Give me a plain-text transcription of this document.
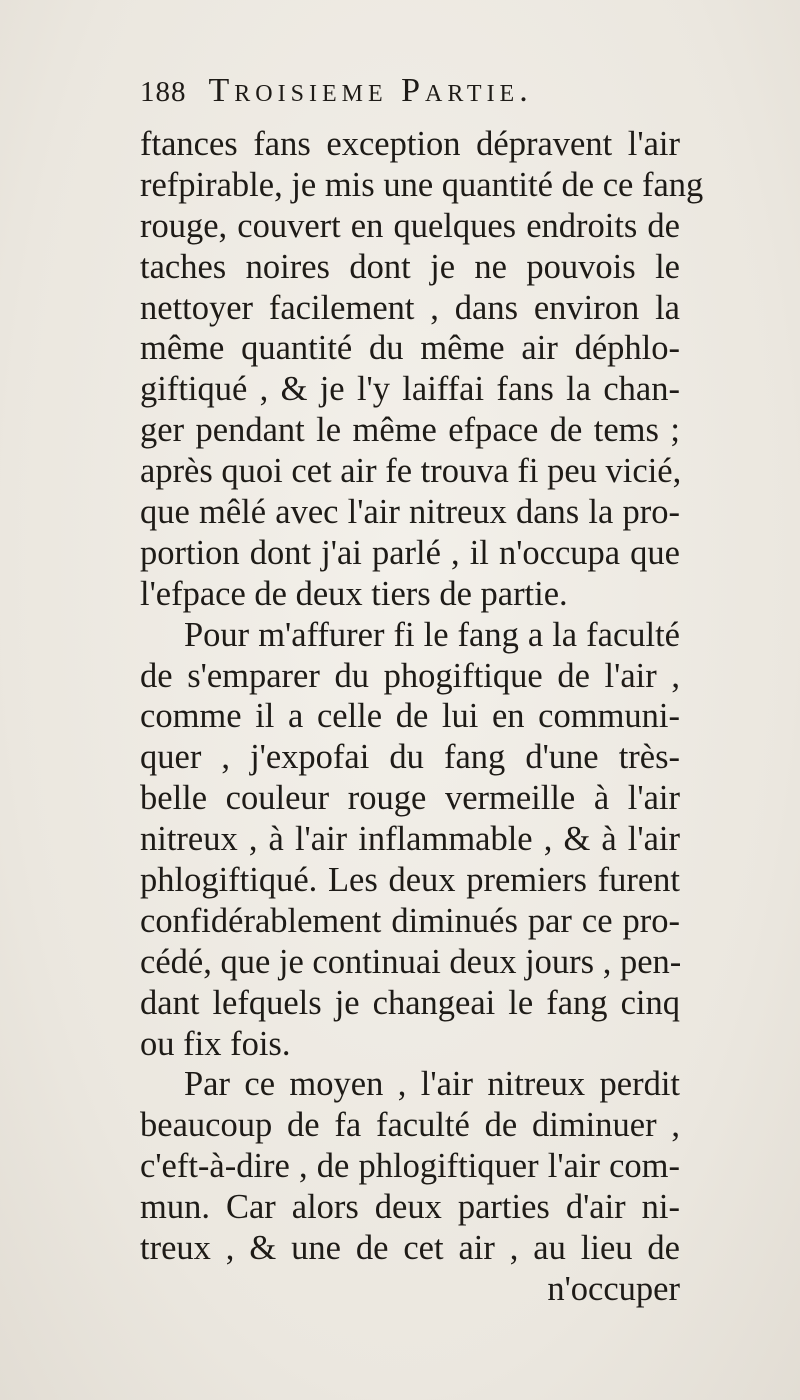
188 Troisieme Partie.
ftances fans exception dépravent l'air
refpirable, je mis une quantité de ce fang
rouge, couvert en quelques endroits de
taches noires dont je ne pouvois le
nettoyer facilement , dans environ la
même quantité du même air déphlo-
giftiqué , & je l'y laiffai fans la chan-
ger pendant le même efpace de tems ;
après quoi cet air fe trouva fi peu vicié,
que mêlé avec l'air nitreux dans la pro-
portion dont j'ai parlé , il n'occupa que
l'efpace de deux tiers de partie.
Pour m'affurer fi le fang a la faculté
de s'emparer du phogiftique de l'air ,
comme il a celle de lui en communi-
quer , j'expofai du fang d'une très-
belle couleur rouge vermeille à l'air
nitreux , à l'air inflammable , & à l'air
phlogiftiqué. Les deux premiers furent
confidérablement diminués par ce pro-
cédé, que je continuai deux jours , pen-
dant lefquels je changeai le fang cinq
ou fix fois.
Par ce moyen , l'air nitreux perdit
beaucoup de fa faculté de diminuer ,
c'eft-à-dire , de phlogiftiquer l'air com-
mun. Car alors deux parties d'air ni-
treux , & une de cet air , au lieu de
n'occuper
